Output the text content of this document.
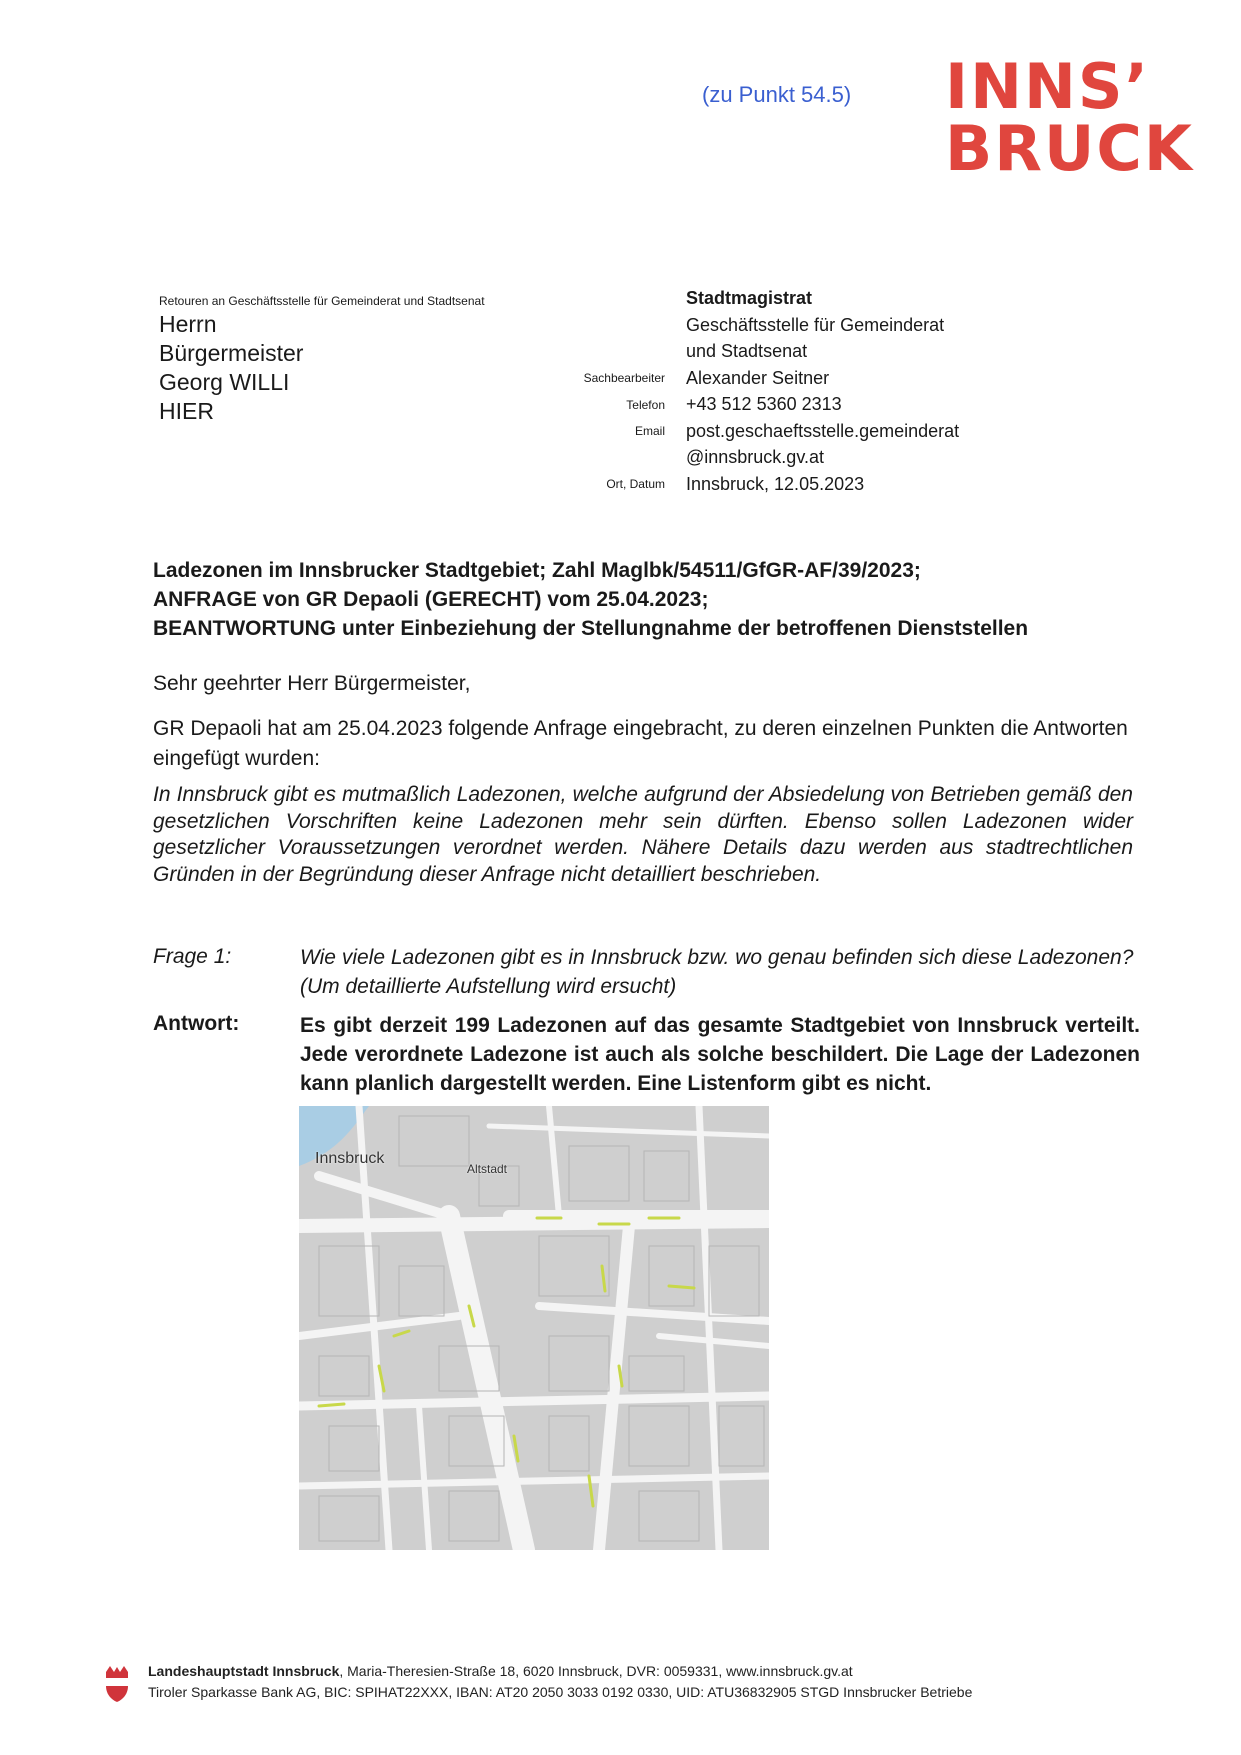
(zu Punkt 54.5) INNS’
BRUCK
Retouren an Geschäftsstelle für Gemeinderat und Stadtsenat
Herrn
Bürgermeister
Georg WILLI
HIER
Sachbearbeiter
Telefon
Email
Ort, Datum
Stadtmagistrat
Geschäftsstelle für Gemeinderat
und Stadtsenat
Alexander Seitner
+43 512 5360 2313
post.geschaeftsstelle.gemeinderat
@innsbruck.gv.at
Innsbruck, 12.05.2023
Ladezonen im Innsbrucker Stadtgebiet; Zahl Maglbk/54511/GfGR-AF/39/2023;
ANFRAGE von GR Depaoli (GERECHT) vom 25.04.2023;
BEANTWORTUNG unter Einbeziehung der Stellungnahme der betroffenen Dienststellen
Sehr geehrter Herr Bürgermeister,
GR Depaoli hat am 25.04.2023 folgende Anfrage eingebracht, zu deren einzelnen Punkten die Antworten eingefügt wurden:
In Innsbruck gibt es mutmaßlich Ladezonen, welche aufgrund der Absiedelung von Betrieben gemäß den gesetzlichen Vorschriften keine Ladezonen mehr sein dürften. Ebenso sollen Ladezonen wider gesetzlicher Voraussetzungen verordnet werden. Nähere Details dazu werden aus stadtrechtlichen Gründen in der Begründung dieser Anfrage nicht detailliert beschrieben.
Frage 1:	Wie viele Ladezonen gibt es in Innsbruck bzw. wo genau befinden sich diese Ladezonen? (Um detaillierte Aufstellung wird ersucht)
Antwort:	Es gibt derzeit 199 Ladezonen auf das gesamte Stadtgebiet von Innsbruck verteilt. Jede verordnete Ladezone ist auch als solche beschildert. Die Lage der Ladezonen kann planlich dargestellt werden. Eine Listenform gibt es nicht.
Innsbruck
Altstadt
Landeshauptstadt Innsbruck, Maria-Theresien-Straße 18, 6020 Innsbruck, DVR: 0059331, www.innsbruck.gv.at
Tiroler Sparkasse Bank AG, BIC: SPIHAT22XXX, IBAN: AT20 2050 3033 0192 0330, UID: ATU36832905 STGD Innsbrucker Betriebe
